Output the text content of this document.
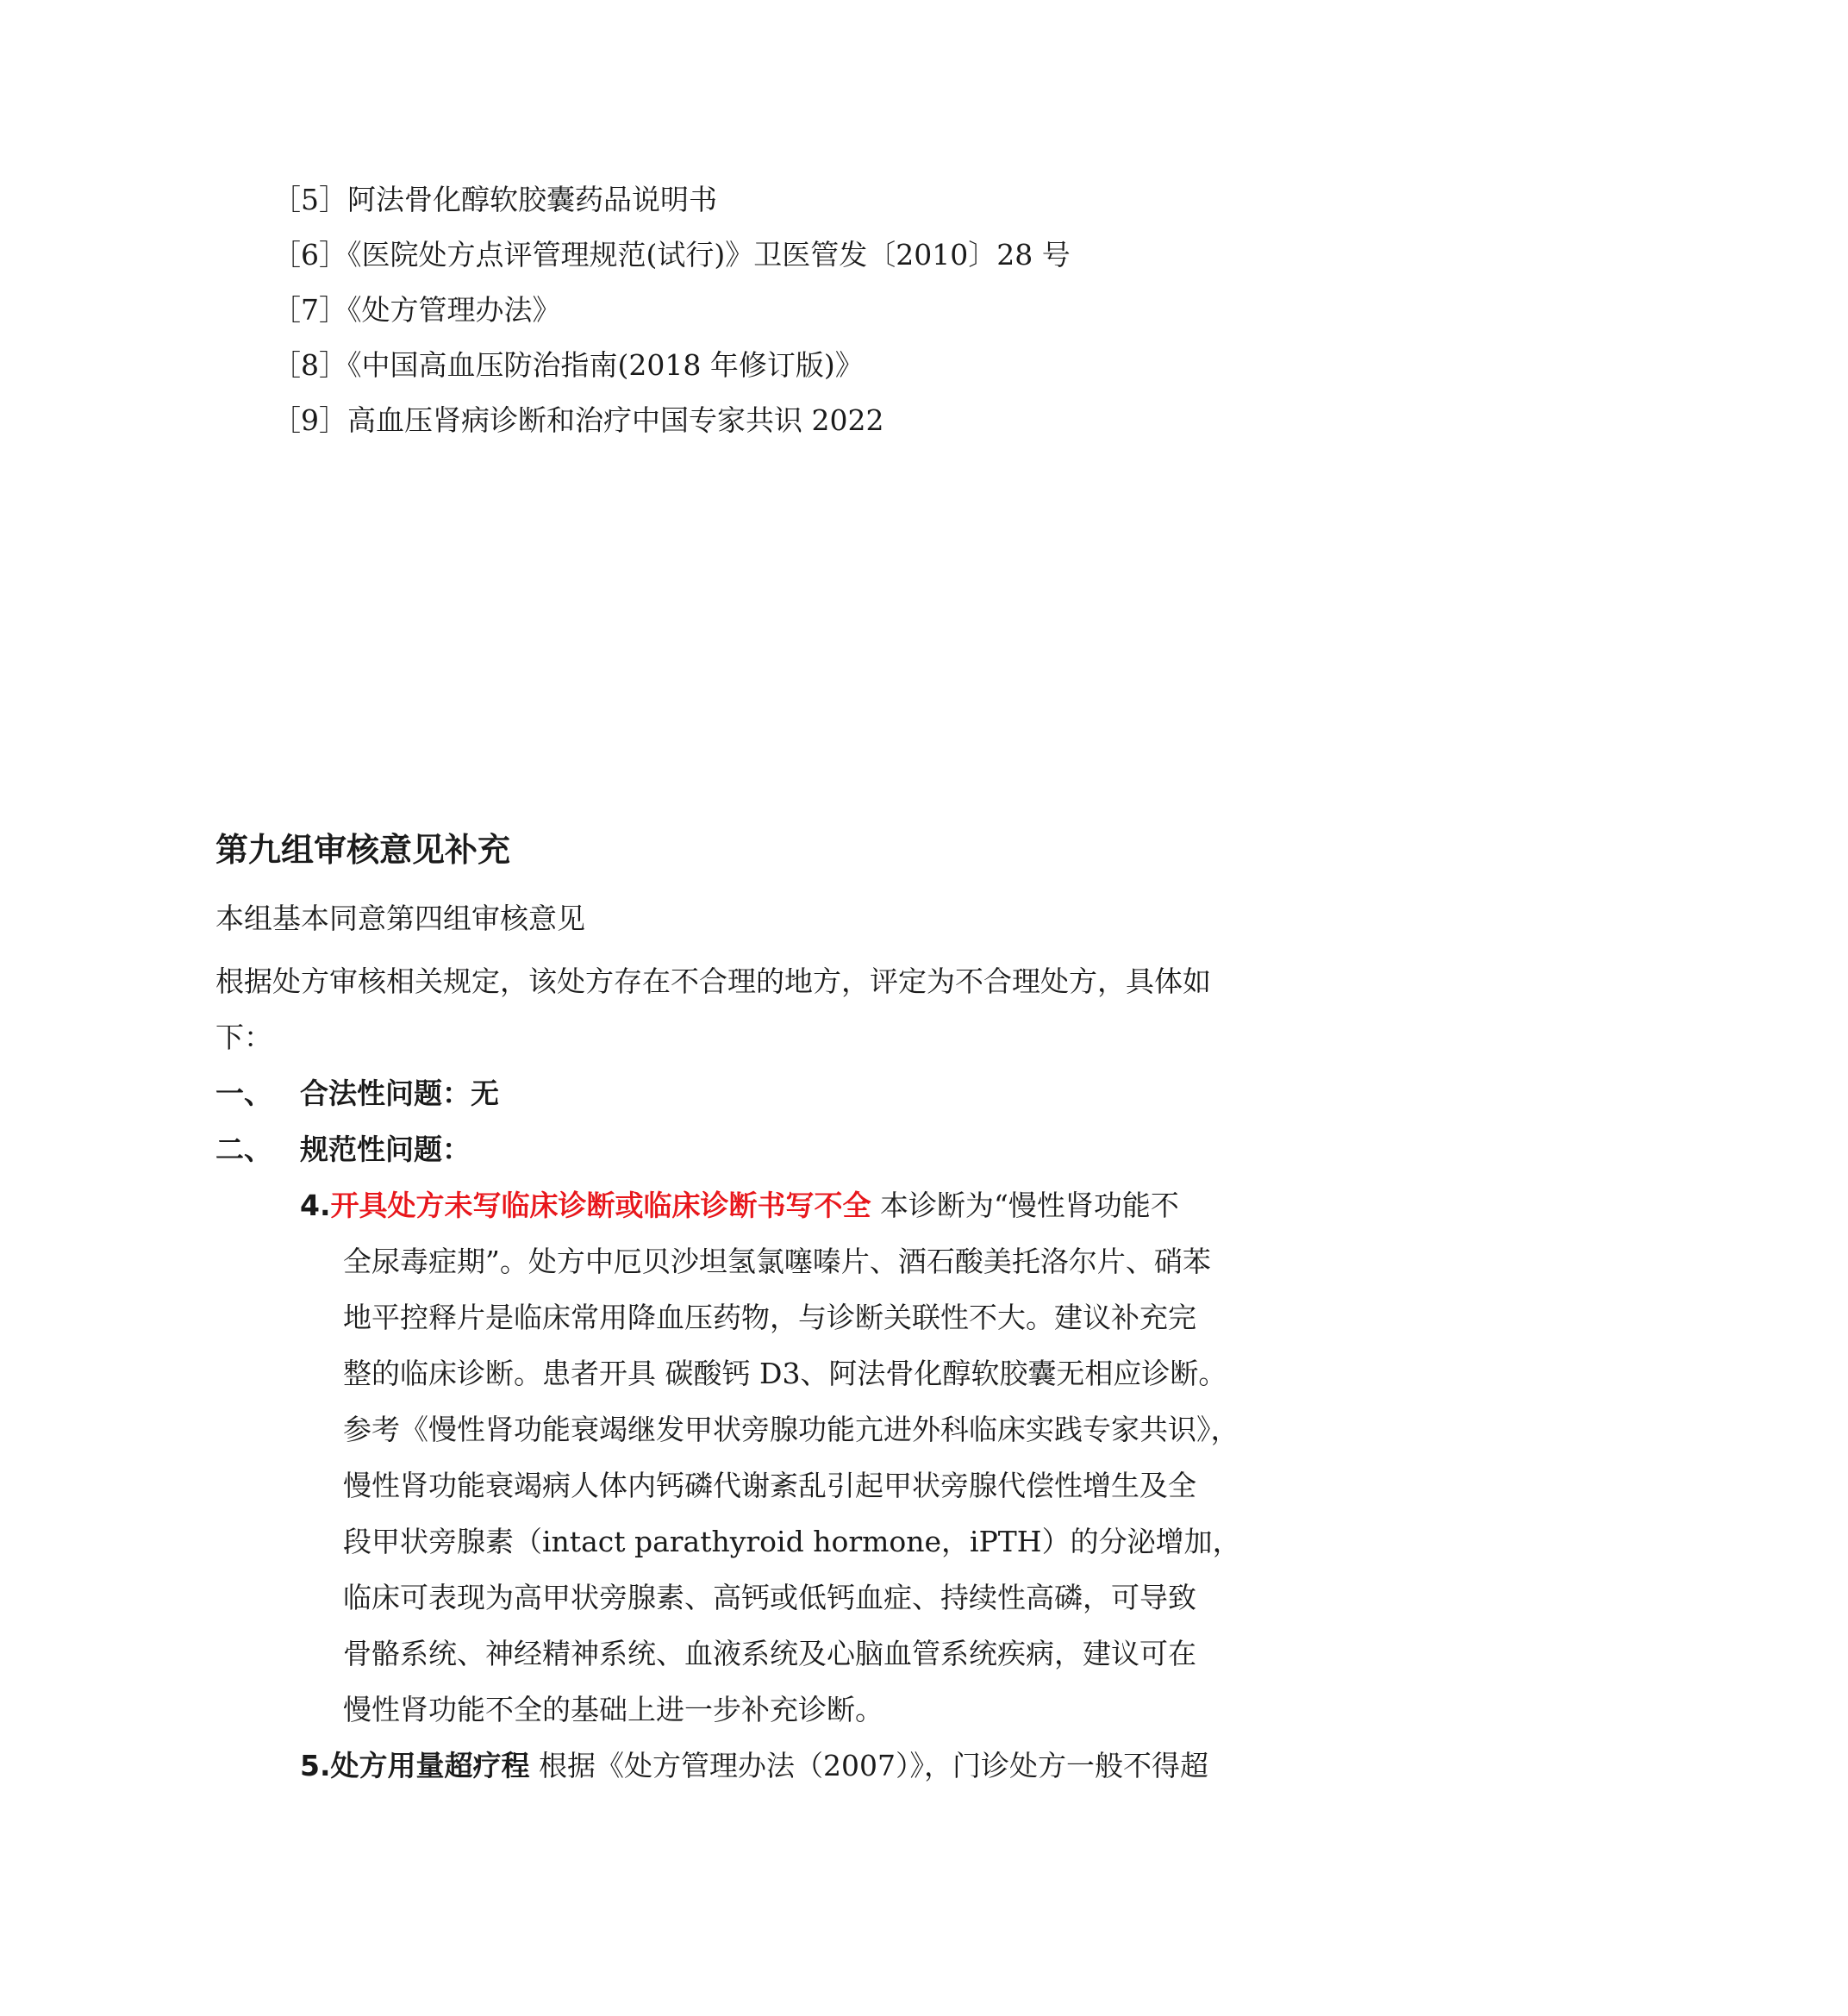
［5］阿法骨化醇软胶囊药品说明书
［6］《医院处方点评管理规范(试行)》卫医管发〔2010〕28 号
［7］《处方管理办法》
［8］《中国高血压防治指南(2018 年修订版)》
［9］高血压肾病诊断和治疗中国专家共识 2022
第九组审核意见补充
本组基本同意第四组审核意见
根据处方审核相关规定，该处方存在不合理的地方，评定为不合理处方，具体如
下：
一、 合法性问题：无
二、 规范性问题：
4.开具处方未写临床诊断或临床诊断书写不全 本诊断为“慢性肾功能不
全尿毒症期”。处方中厄贝沙坦氢氯噻嗪片、酒石酸美托洛尔片、硝苯
地平控释片是临床常用降血压药物，与诊断关联性不大。建议补充完
整的临床诊断。患者开具 碳酸钙 D3、阿法骨化醇软胶囊无相应诊断。
参考《慢性肾功能衰竭继发甲状旁腺功能亢进外科临床实践专家共识》，
慢性肾功能衰竭病人体内钙磷代谢紊乱引起甲状旁腺代偿性增生及全
段甲状旁腺素（intact parathyroid hormone，iPTH）的分泌增加，
临床可表现为高甲状旁腺素、高钙或低钙血症、持续性高磷，可导致
骨骼系统、神经精神系统、血液系统及心脑血管系统疾病，建议可在
慢性肾功能不全的基础上进一步补充诊断。
5.处方用量超疗程 根据《处方管理办法（2007）》，门诊处方一般不得超
